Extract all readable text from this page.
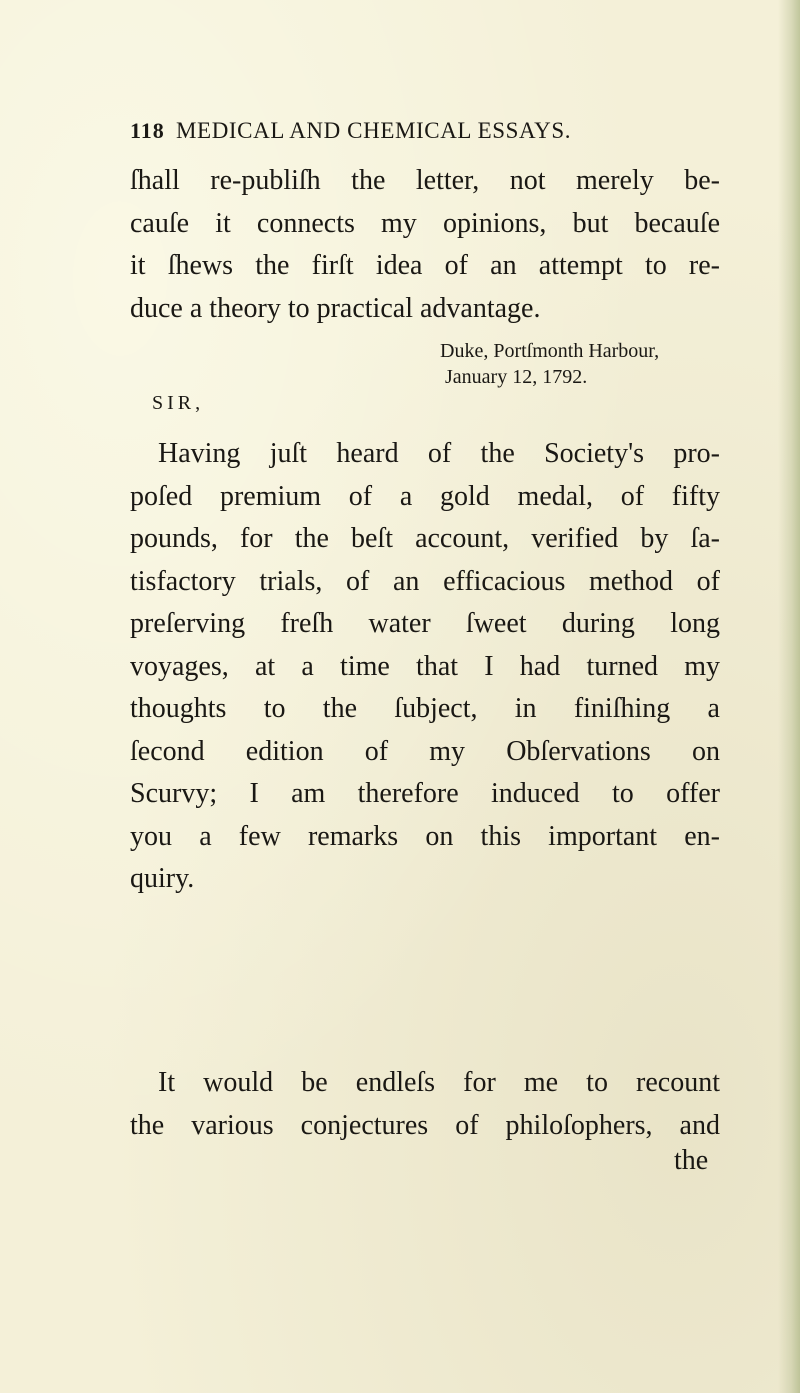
118 MEDICAL AND CHEMICAL ESSAYS.

ſhall re-publiſh the letter, not merely be-
cauſe it connects my opinions, but becauſe
it ſhews the firſt idea of an attempt to re-
duce a theory to practical advantage.

Duke, Portſmonth Harbour,
January 12, 1792.
SIR,

Having juſt heard of the Society's pro-
poſed premium of a gold medal, of fifty
pounds, for the beſt account, verified by ſa-
tisfactory trials, of an efficacious method of
preſerving freſh water ſweet during long
voyages, at a time that I had turned my
thoughts to the ſubject, in finiſhing a
ſecond edition of my Obſervations on
Scurvy; I am therefore induced to offer
you a few remarks on this important en-
quiry.

It would be endleſs for me to recount
the various conjectures of philoſophers, and

the
